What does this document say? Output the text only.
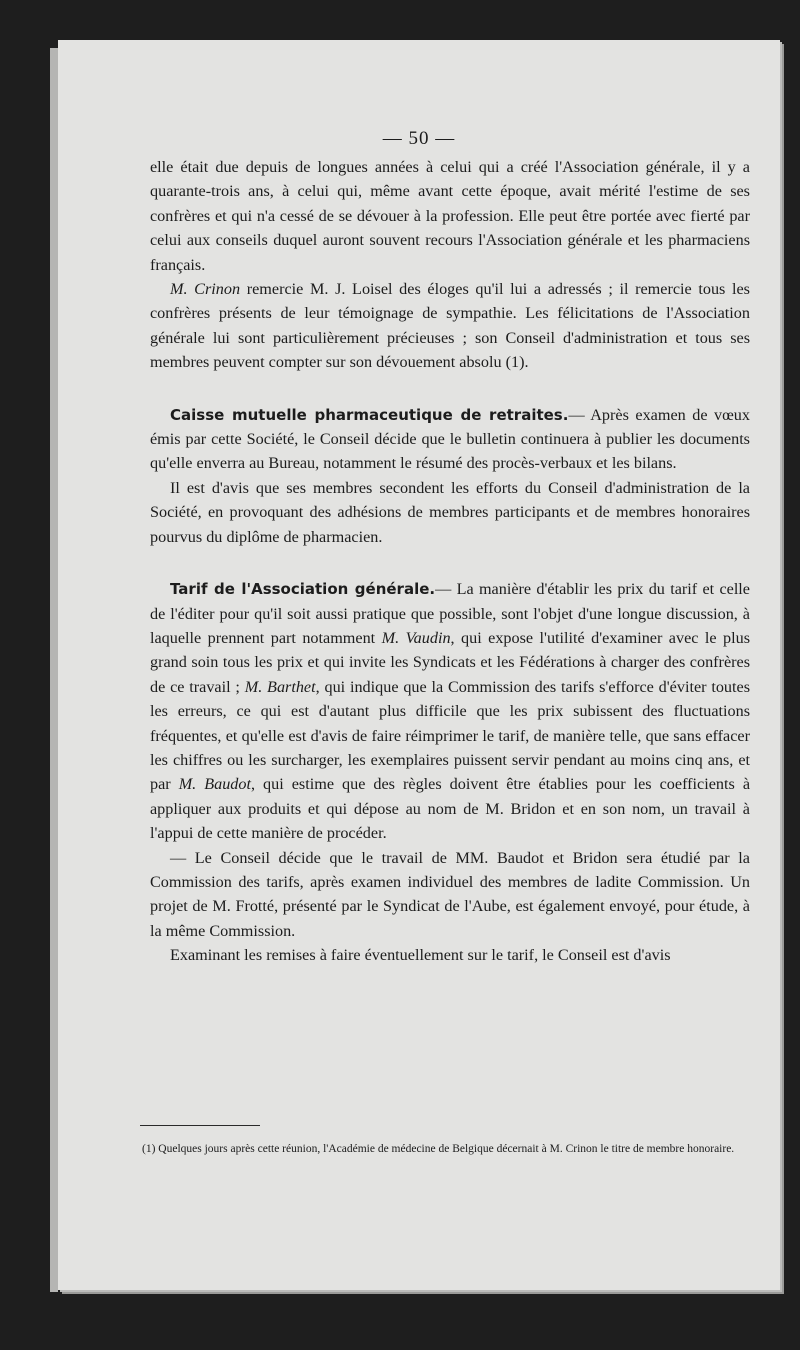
— 50 —

elle était due depuis de longues années à celui qui a créé l'Association générale, il y a quarante-trois ans, à celui qui, même avant cette époque, avait mérité l'estime de ses confrères et qui n'a cessé de se dévouer à la profession. Elle peut être portée avec fierté par celui aux conseils duquel auront souvent recours l'Association générale et les pharmaciens français.

M. Crinon remercie M. J. Loisel des éloges qu'il lui a adressés ; il remercie tous les confrères présents de leur témoignage de sympathie. Les félicitations de l'Association générale lui sont particulièrement précieuses ; son Conseil d'administration et tous ses membres peuvent compter sur son dévouement absolu (1).

Caisse mutuelle pharmaceutique de retraites.— Après examen de vœux émis par cette Société, le Conseil décide que le bulletin continuera à publier les documents qu'elle enverra au Bureau, notamment le résumé des procès-verbaux et les bilans.

Il est d'avis que ses membres secondent les efforts du Conseil d'administration de la Société, en provoquant des adhésions de membres participants et de membres honoraires pourvus du diplôme de pharmacien.

Tarif de l'Association générale.— La manière d'établir les prix du tarif et celle de l'éditer pour qu'il soit aussi pratique que possible, sont l'objet d'une longue discussion, à laquelle prennent part notamment M. Vaudin, qui expose l'utilité d'examiner avec le plus grand soin tous les prix et qui invite les Syndicats et les Fédérations à charger des confrères de ce travail ; M. Barthet, qui indique que la Commission des tarifs s'efforce d'éviter toutes les erreurs, ce qui est d'autant plus difficile que les prix subissent des fluctuations fréquentes, et qu'elle est d'avis de faire réimprimer le tarif, de manière telle, que sans effacer les chiffres ou les surcharger, les exemplaires puissent servir pendant au moins cinq ans, et par M. Baudot, qui estime que des règles doivent être établies pour les coefficients à appliquer aux produits et qui dépose au nom de M. Bridon et en son nom, un travail à l'appui de cette manière de procéder.

— Le Conseil décide que le travail de MM. Baudot et Bridon sera étudié par la Commission des tarifs, après examen individuel des membres de ladite Commission. Un projet de M. Frotté, présenté par le Syndicat de l'Aube, est également envoyé, pour étude, à la même Commission.

Examinant les remises à faire éventuellement sur le tarif, le Conseil est d'avis

(1) Quelques jours après cette réunion, l'Académie de médecine de Belgique décernait à M. Crinon le titre de membre honoraire.
